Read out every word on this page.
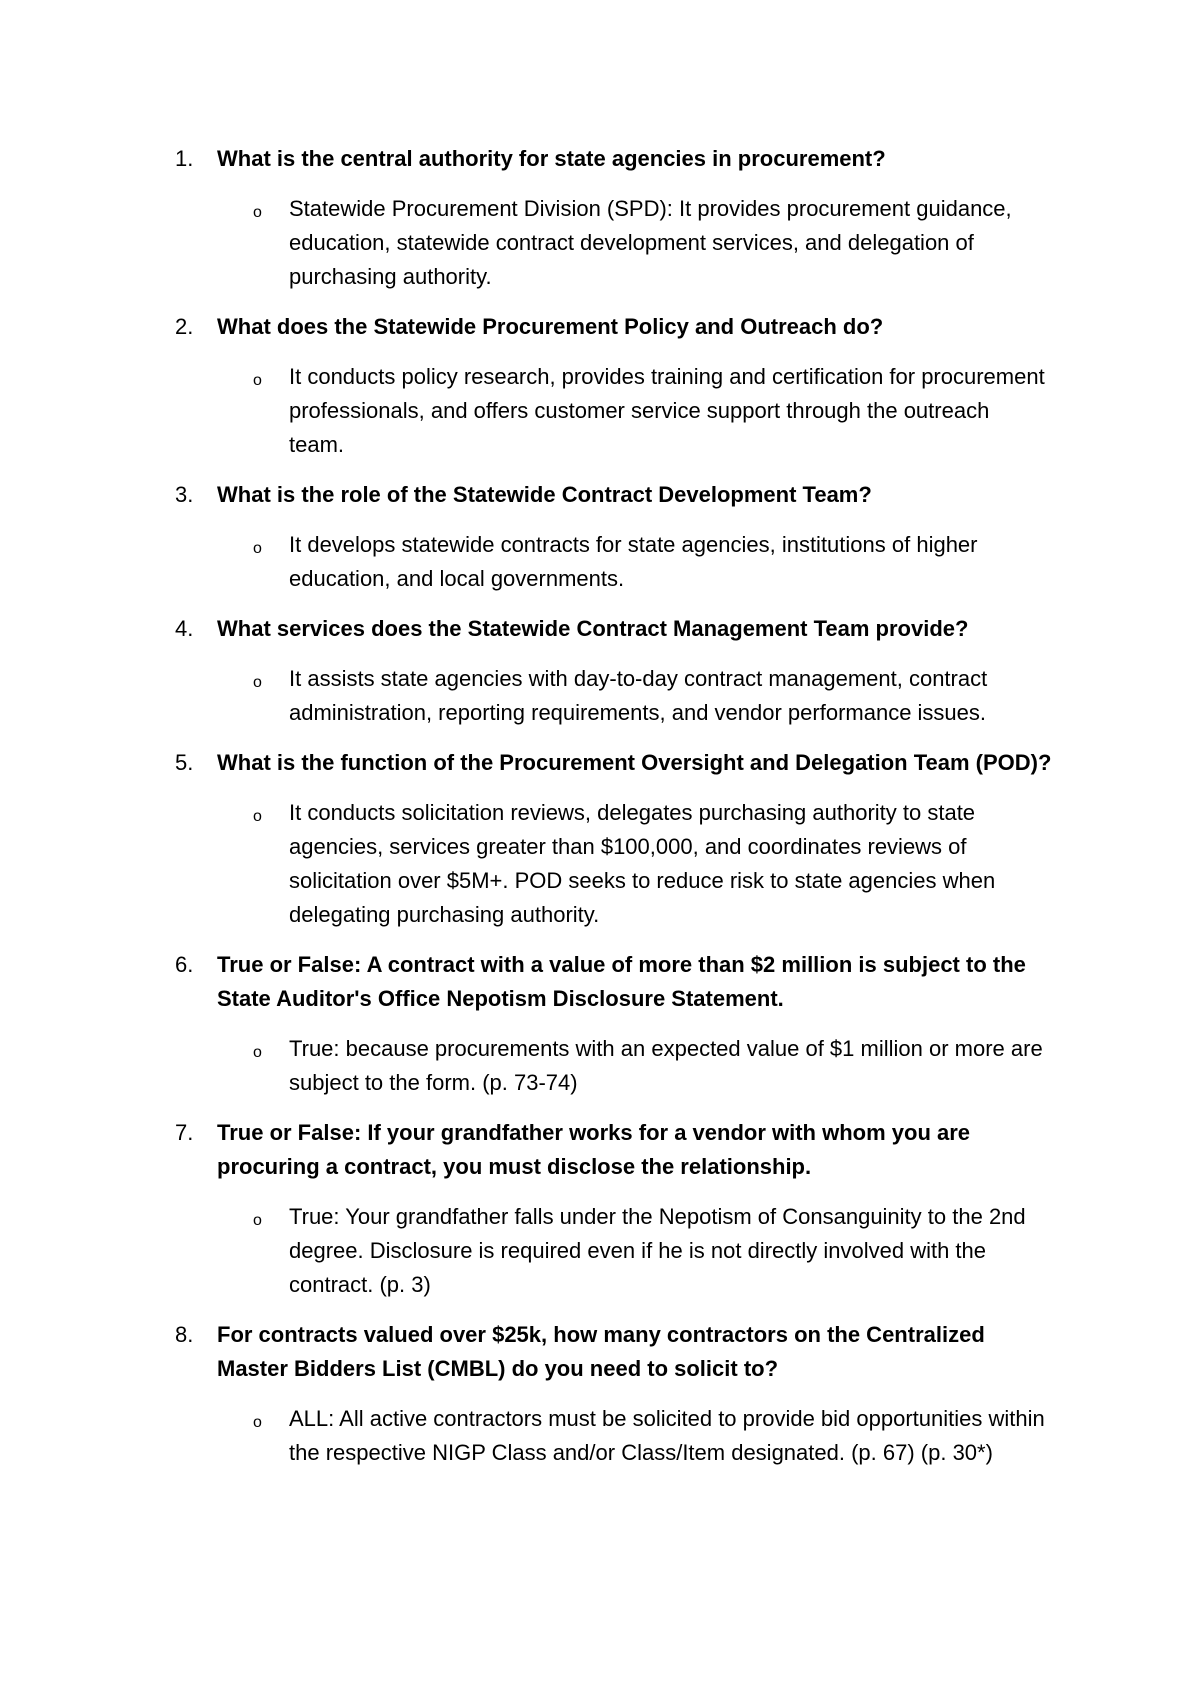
1.	What is the central authority for state agencies in procurement?
o	Statewide Procurement Division (SPD): It provides procurement guidance, education, statewide contract development services, and delegation of purchasing authority.
2.	What does the Statewide Procurement Policy and Outreach do?
o	It conducts policy research, provides training and certification for procurement professionals, and offers customer service support through the outreach team.
3.	What is the role of the Statewide Contract Development Team?
o	It develops statewide contracts for state agencies, institutions of higher education, and local governments.
4.	What services does the Statewide Contract Management Team provide?
o	It assists state agencies with day-to-day contract management, contract administration, reporting requirements, and vendor performance issues.
5.	What is the function of the Procurement Oversight and Delegation Team (POD)?
o	It conducts solicitation reviews, delegates purchasing authority to state agencies, services greater than $100,000, and coordinates reviews of solicitation over $5M+. POD seeks to reduce risk to state agencies when delegating purchasing authority.
6.	True or False: A contract with a value of more than $2 million is subject to the State Auditor's Office Nepotism Disclosure Statement.
o	True: because procurements with an expected value of $1 million or more are subject to the form. (p. 73-74)
7.	True or False: If your grandfather works for a vendor with whom you are procuring a contract, you must disclose the relationship.
o	True: Your grandfather falls under the Nepotism of Consanguinity to the 2nd degree. Disclosure is required even if he is not directly involved with the contract. (p. 3)
8.	For contracts valued over $25k, how many contractors on the Centralized Master Bidders List (CMBL) do you need to solicit to?
o	ALL: All active contractors must be solicited to provide bid opportunities within the respective NIGP Class and/or Class/Item designated. (p. 67) (p. 30*)
